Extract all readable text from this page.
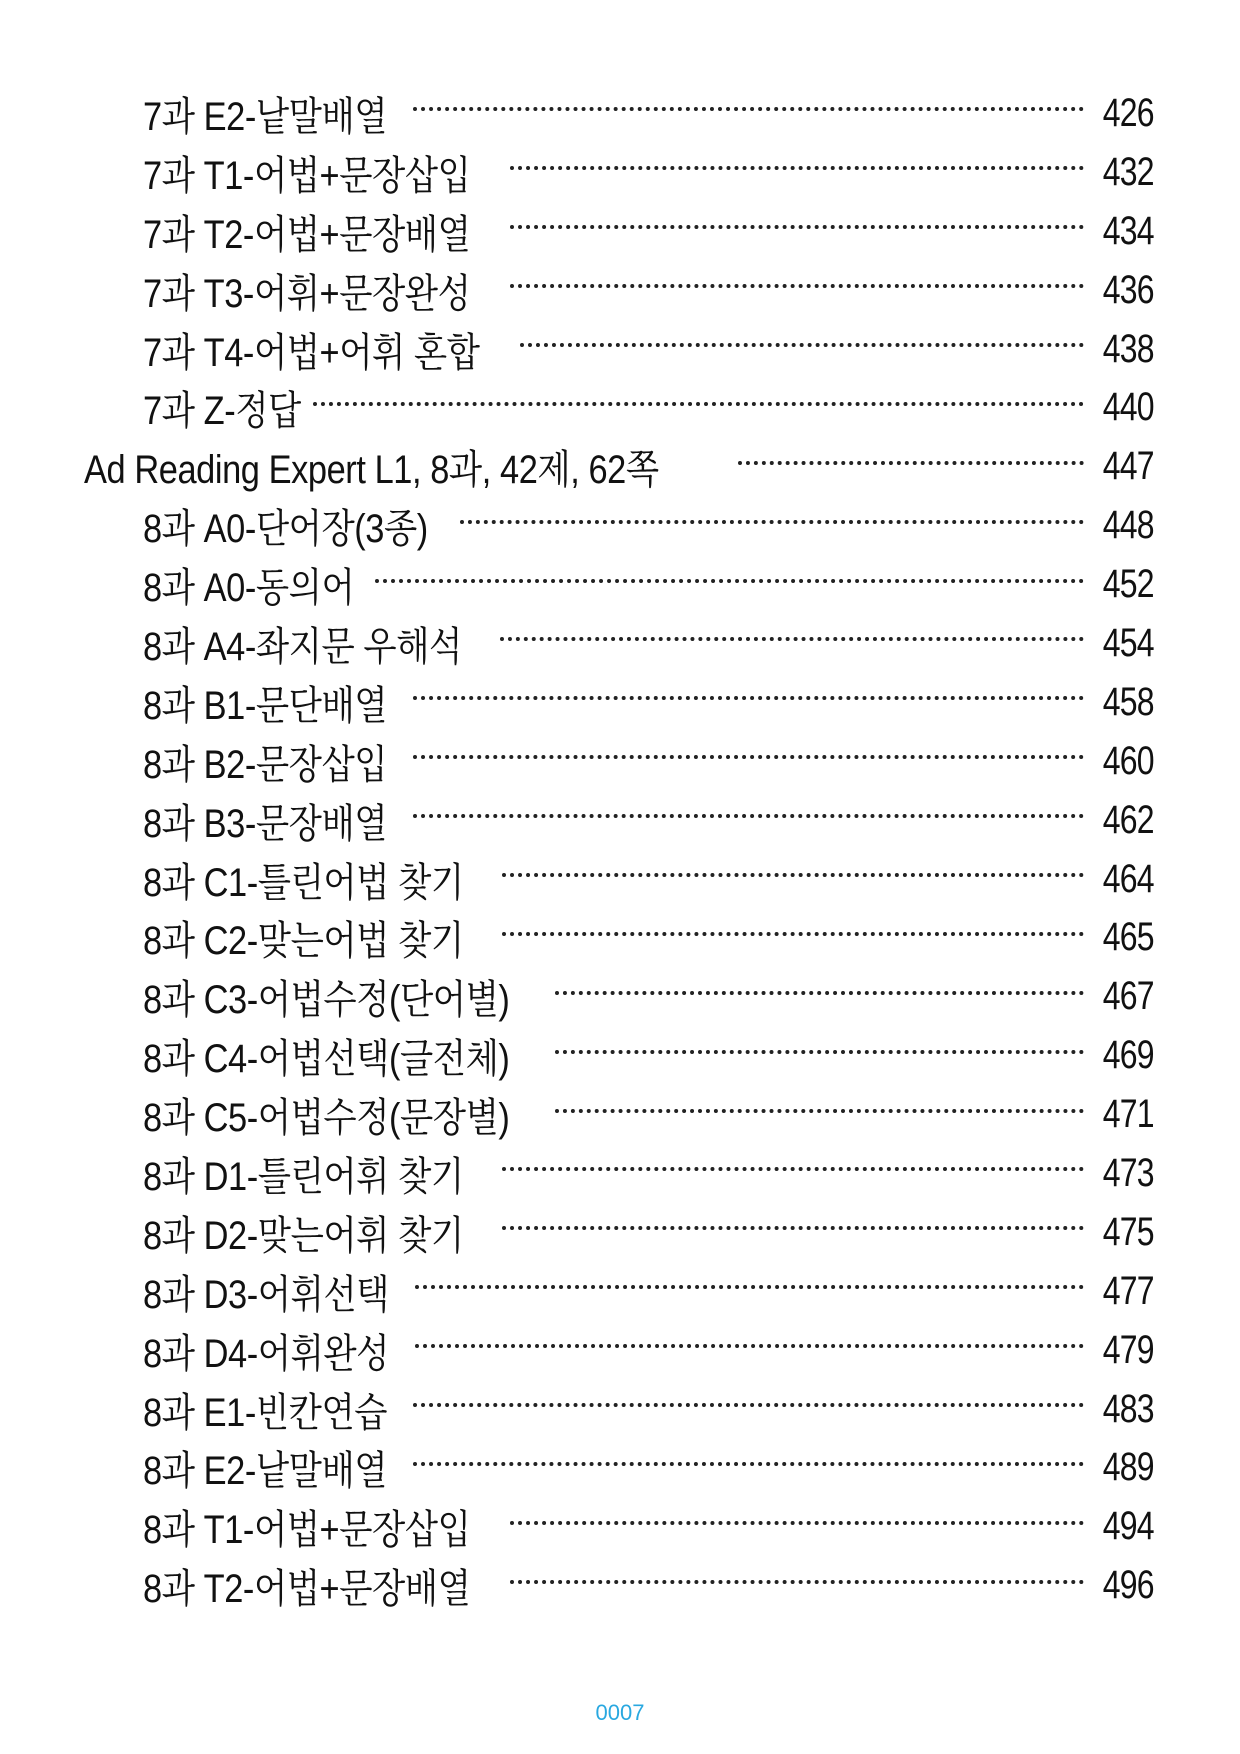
7과 E2-낱말배열	426
7과 T1-어법+문장삽입	432
7과 T2-어법+문장배열	434
7과 T3-어휘+문장완성	436
7과 T4-어법+어휘 혼합	438
7과 Z-정답	440
Ad Reading Expert L1, 8과, 42제, 62쪽	447
8과 A0-단어장(3종)	448
8과 A0-동의어	452
8과 A4-좌지문 우해석	454
8과 B1-문단배열	458
8과 B2-문장삽입	460
8과 B3-문장배열	462
8과 C1-틀린어법 찾기	464
8과 C2-맞는어법 찾기	465
8과 C3-어법수정(단어별)	467
8과 C4-어법선택(글전체)	469
8과 C5-어법수정(문장별)	471
8과 D1-틀린어휘 찾기	473
8과 D2-맞는어휘 찾기	475
8과 D3-어휘선택	477
8과 D4-어휘완성	479
8과 E1-빈칸연습	483
8과 E2-낱말배열	489
8과 T1-어법+문장삽입	494
8과 T2-어법+문장배열	496
0007
